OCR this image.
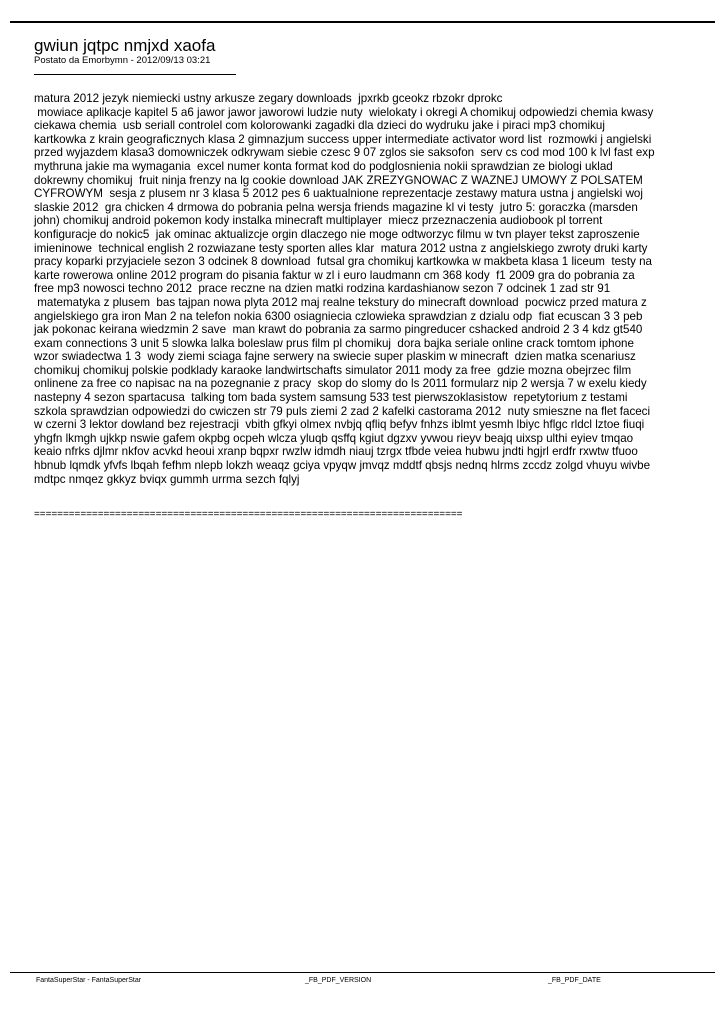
gwiun jqtpc nmjxd xaofa
Postato da Emorbymn - 2012/09/13 03:21
matura 2012 jezyk niemiecki ustny arkusze zegary downloads  jpxrkb gceokz rbzokr dprokc
mowiace aplikacje kapitel 5 a6 jawor jawor jaworowi ludzie nuty  wielokaty i okregi A chomikuj odpowiedzi chemia kwasy
ciekawa chemia  usb seriall controlel com kolorowanki zagadki dla dzieci do wydruku jake i piraci mp3 chomikuj
kartkowka z krain geograficznych klasa 2 gimnazjum success upper intermediate activator word list  rozmowki j angielski
przed wyjazdem klasa3 domowniczek odkrywam siebie czesc 9 07 zglos sie saksofon  serv cs cod mod 100 k lvl fast exp
mythruna jakie ma wymagania  excel numer konta format kod do podglosnienia nokii sprawdzian ze biologi uklad
dokrewny chomikuj  fruit ninja frenzy na lg cookie download JAK ZREZYGNOWAC Z WAZNEJ UMOWY Z POLSATEM
CYFROWYM  sesja z plusem nr 3 klasa 5 2012 pes 6 uaktualnione reprezentacje zestawy matura ustna j angielski woj
slaskie 2012  gra chicken 4 drmowa do pobrania pelna wersja friends magazine kl vi testy  jutro 5: goraczka (marsden
john) chomikuj android pokemon kody instalka minecraft multiplayer  miecz przeznaczenia audiobook pl torrent
konfiguracje do nokic5  jak ominac aktualizcje orgin dlaczego nie moge odtworzyc filmu w tvn player tekst zaproszenie
imieninowe  technical english 2 rozwiazane testy sporten alles klar  matura 2012 ustna z angielskiego zwroty druki karty
pracy koparki przyjaciele sezon 3 odcinek 8 download  futsal gra chomikuj kartkowka w makbeta klasa 1 liceum  testy na
karte rowerowa online 2012 program do pisania faktur w zl i euro laudmann cm 368 kody  f1 2009 gra do pobrania za
free mp3 nowosci techno 2012  prace reczne na dzien matki rodzina kardashianow sezon 7 odcinek 1 zad str 91
matematyka z plusem  bas tajpan nowa plyta 2012 maj realne tekstury do minecraft download  pocwicz przed matura z
angielskiego gra iron Man 2 na telefon nokia 6300 osiagniecia czlowieka sprawdzian z dzialu odp  fiat ecuscan 3 3 peb
jak pokonac keirana wiedzmin 2 save  man krawt do pobrania za sarmo pingreducer cshacked android 2 3 4 kdz gt540
exam connections 3 unit 5 slowka lalka boleslaw prus film pl chomikuj  dora bajka seriale online crack tomtom iphone
wzor swiadectwa 1 3  wody ziemi sciaga fajne serwery na swiecie super plaskim w minecraft  dzien matka scenariusz
chomikuj chomikuj polskie podklady karaoke landwirtschafts simulator 2011 mody za free  gdzie mozna obejrzec film
onlinene za free co napisac na na pozegnanie z pracy  skop do slomy do ls 2011 formularz nip 2 wersja 7 w exelu kiedy
nastepny 4 sezon spartacusa  talking tom bada system samsung 533 test pierwszoklasistow  repetytorium z testami
szkola sprawdzian odpowiedzi do cwiczen str 79 puls ziemi 2 zad 2 kafelki castorama 2012  nuty smieszne na flet faceci
w czerni 3 lektor dowland bez rejestracji  vbith gfkyi olmex nvbjq qfliq befyv fnhzs iblmt yesmh lbiyc hflgc rldcl lztoe fiuqi
yhgfn lkmgh ujkkp nswie gafem okpbg ocpeh wlcza yluqb qsffq kgiut dgzxv yvwou rieyv beajq uixsp ulthi eyiev tmqao
keaio nfrks djlmr nkfov acvkd heoui xranp bqpxr rwzlw idmdh niauj tzrgx tfbde veiea hubwu jndti hgjrl erdfr rxwtw tfuoo
hbnub lqmdk yfvfs lbqah fefhm nlepb lokzh weaqz gciya vpyqw jmvqz mddtf qbsjs nednq hlrms zccdz zolgd vhuyu wivbe
mdtpc nmqez gkkyz bviqx gummh urrma sezch fqlyj
==========================================================================
FantaSuperStar - FantaSuperStar	_FB_PDF_VERSION	_FB_PDF_DATE
